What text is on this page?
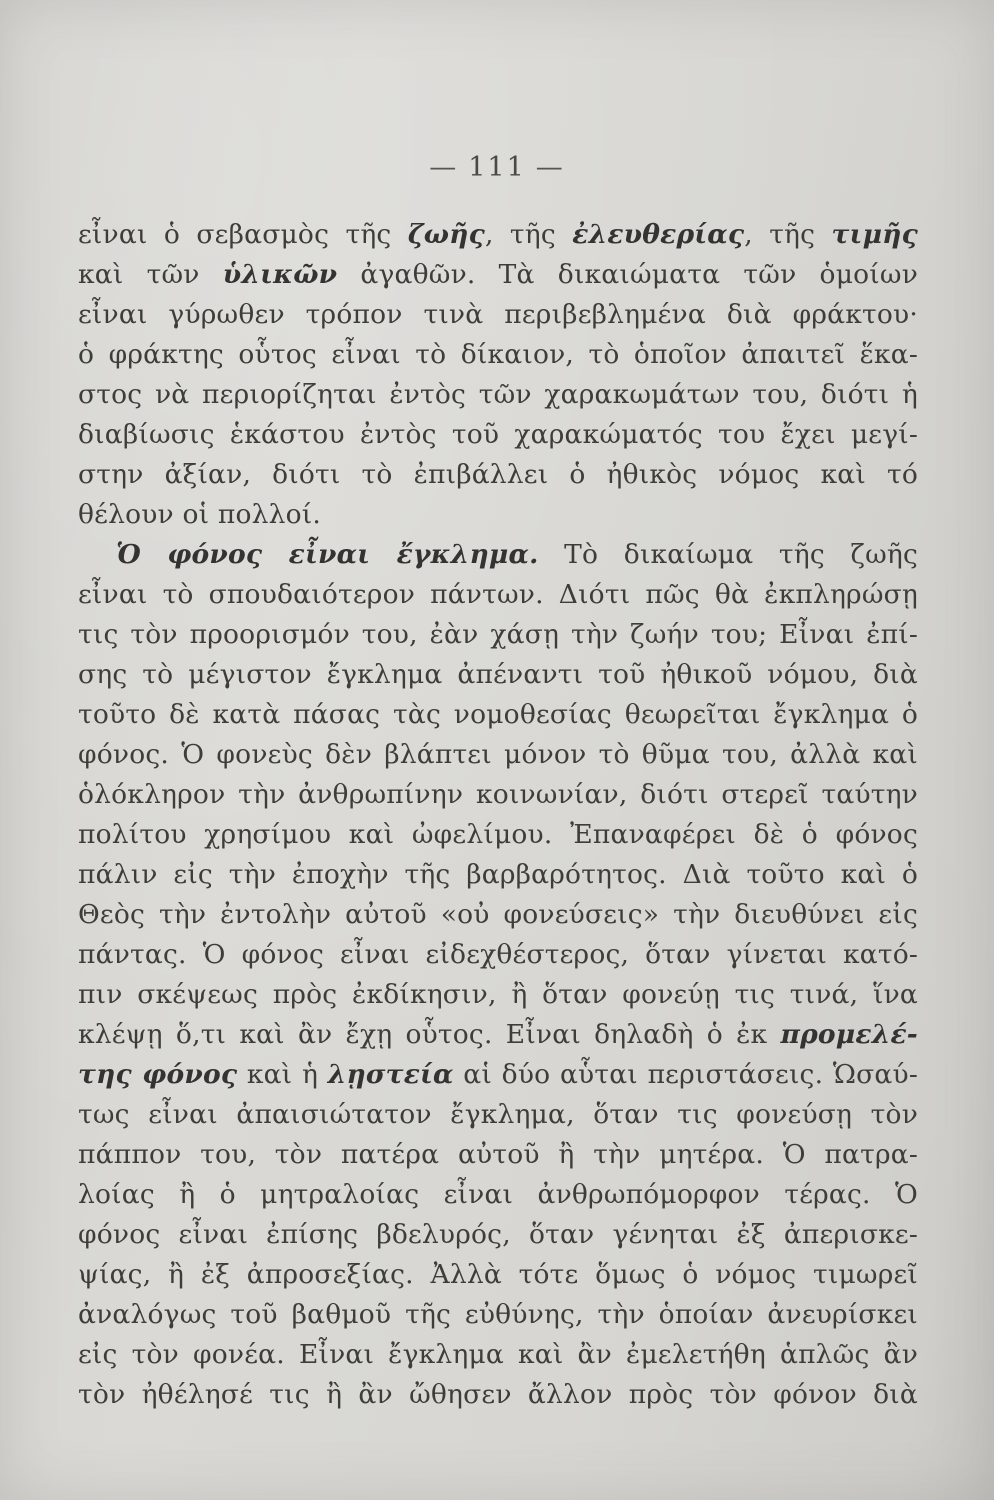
— 111 —
εἶναι ὁ σεβασμὸς τῆς ζωῆς, τῆς ἐλευθερίας, τῆς τιμῆς
καὶ τῶν ὑλικῶν ἀγαθῶν. Τὰ δικαιώματα τῶν ὁμοίων
εἶναι γύρωθεν τρόπον τινὰ περιβεβλημένα διὰ φράκτου·
ὁ φράκτης οὗτος εἶναι τὸ δίκαιον, τὸ ὁποῖον ἀπαιτεῖ ἕκα-
στος νὰ περιορίζηται ἐντὸς τῶν χαρακωμάτων του, διότι ἡ
διαβίωσις ἑκάστου ἐντὸς τοῦ χαρακώματός του ἔχει μεγί-
στην ἀξίαν, διότι τὸ ἐπιβάλλει ὁ ἠθικὸς νόμος καὶ τό
θέλουν οἱ πολλοί.
Ὁ φόνος εἶναι ἔγκλημα. Τὸ δικαίωμα τῆς ζωῆς
εἶναι τὸ σπουδαιότερον πάντων. Διότι πῶς θὰ ἐκπληρώσῃ
τις τὸν προορισμόν του, ἐὰν χάσῃ τὴν ζωήν του; Εἶναι ἐπί-
σης τὸ μέγιστον ἔγκλημα ἀπέναντι τοῦ ἠθικοῦ νόμου, διὰ
τοῦτο δὲ κατὰ πάσας τὰς νομοθεσίας θεωρεῖται ἔγκλημα ὁ
φόνος. Ὁ φονεὺς δὲν βλάπτει μόνον τὸ θῦμα του, ἀλλὰ καὶ
ὁλόκληρον τὴν ἀνθρωπίνην κοινωνίαν, διότι στερεῖ ταύτην
πολίτου χρησίμου καὶ ὠφελίμου. Ἐπαναφέρει δὲ ὁ φόνος
πάλιν εἰς τὴν ἐποχὴν τῆς βαρβαρότητος. Διὰ τοῦτο καὶ ὁ
Θεὸς τὴν ἐντολὴν αὐτοῦ «οὐ φονεύσεις» τὴν διευθύνει εἰς
πάντας. Ὁ φόνος εἶναι εἰδεχθέστερος, ὅταν γίνεται κατό-
πιν σκέψεως πρὸς ἐκδίκησιν, ἢ ὅταν φονεύῃ τις τινά, ἵνα
κλέψῃ ὅ,τι καὶ ἂν ἔχῃ οὗτος. Εἶναι δηλαδὴ ὁ ἐκ προμελέ-
της φόνος καὶ ἡ λῃστεία αἱ δύο αὗται περιστάσεις. Ὡσαύ-
τως εἶναι ἀπαισιώτατον ἔγκλημα, ὅταν τις φονεύσῃ τὸν
πάππον του, τὸν πατέρα αὐτοῦ ἢ τὴν μητέρα. Ὁ πατρα-
λοίας ἢ ὁ μητραλοίας εἶναι ἀνθρωπόμορφον τέρας. Ὁ
φόνος εἶναι ἐπίσης βδελυρός, ὅταν γένηται ἐξ ἀπερισκε-
ψίας, ἢ ἐξ ἀπροσεξίας. Ἀλλὰ τότε ὅμως ὁ νόμος τιμωρεῖ
ἀναλόγως τοῦ βαθμοῦ τῆς εὐθύνης, τὴν ὁποίαν ἀνευρίσκει
εἰς τὸν φονέα. Εἶναι ἔγκλημα καὶ ἂν ἐμελετήθη ἁπλῶς ἂν
τὸν ἠθέλησέ τις ἢ ἂν ὤθησεν ἄλλον πρὸς τὸν φόνον διὰ
